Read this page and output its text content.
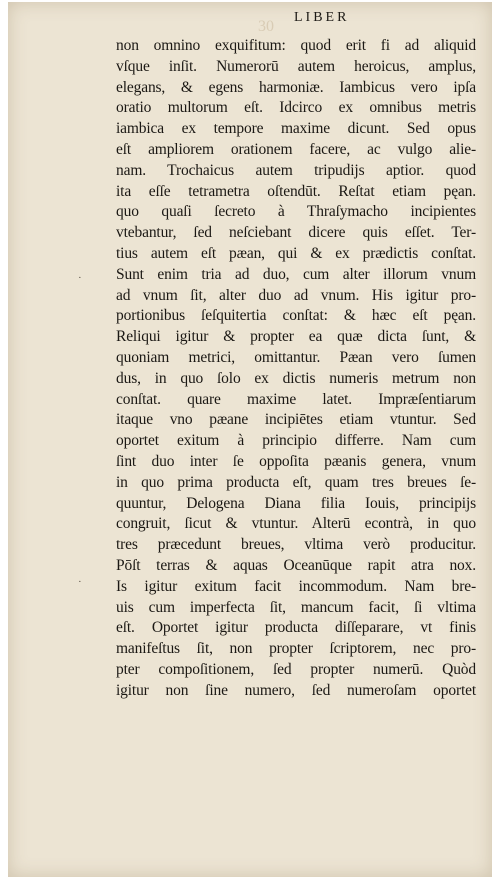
30
LIBER
·
·
non omnino exquifitum: quod erit fi ad aliquid
vſque inſit. Numerorū autem heroicus, amplus,
elegans, & egens harmoniæ. Iambicus vero ipſa
oratio multorum eſt. Idcirco ex omnibus metris
iambica ex tempore maxime dicunt. Sed opus
eſt ampliorem orationem facere, ac vulgo alie-
nam. Trochaicus autem tripudijs aptior. quod
ita eſſe tetrametra oſtendūt. Reſtat etiam pęan.
quo quaſi ſecreto à Thraſymacho incipientes
vtebantur, ſed neſciebant dicere quis eſſet. Ter-
tius autem eſt pæan, qui & ex prædictis conſtat.
Sunt enim tria ad duo, cum alter illorum vnum
ad vnum ſit, alter duo ad vnum. His igitur pro-
portionibus ſeſquitertia conſtat: & hæc eſt pęan.
Reliqui igitur & propter ea quæ dicta ſunt, &
quoniam metrici, omittantur. Pæan vero ſumen
dus, in quo ſolo ex dictis numeris metrum non
conſtat. quare maxime latet. Impræſentiarum
itaque vno pæane incipiētes etiam vtuntur. Sed
oportet exitum à principio differre. Nam cum
ſint duo inter ſe oppoſita pæanis genera, vnum
in quo prima producta eſt, quam tres breues ſe-
quuntur, Delogena Diana filia Iouis, principijs
congruit, ſicut & vtuntur. Alterū econtrà, in quo
tres præcedunt breues, vltima verò producitur.
Pōſt terras & aquas Oceanūque rapit atra nox.
Is igitur exitum facit incommodum. Nam bre-
uis cum imperfecta ſit, mancum facit, ſi vltima
eſt. Oportet igitur producta diſſeparare, vt finis
manifeſtus ſit, non propter ſcriptorem, nec pro-
pter compoſitionem, ſed propter numerū. Quòd
igitur non ſine numero, ſed numeroſam oportet
